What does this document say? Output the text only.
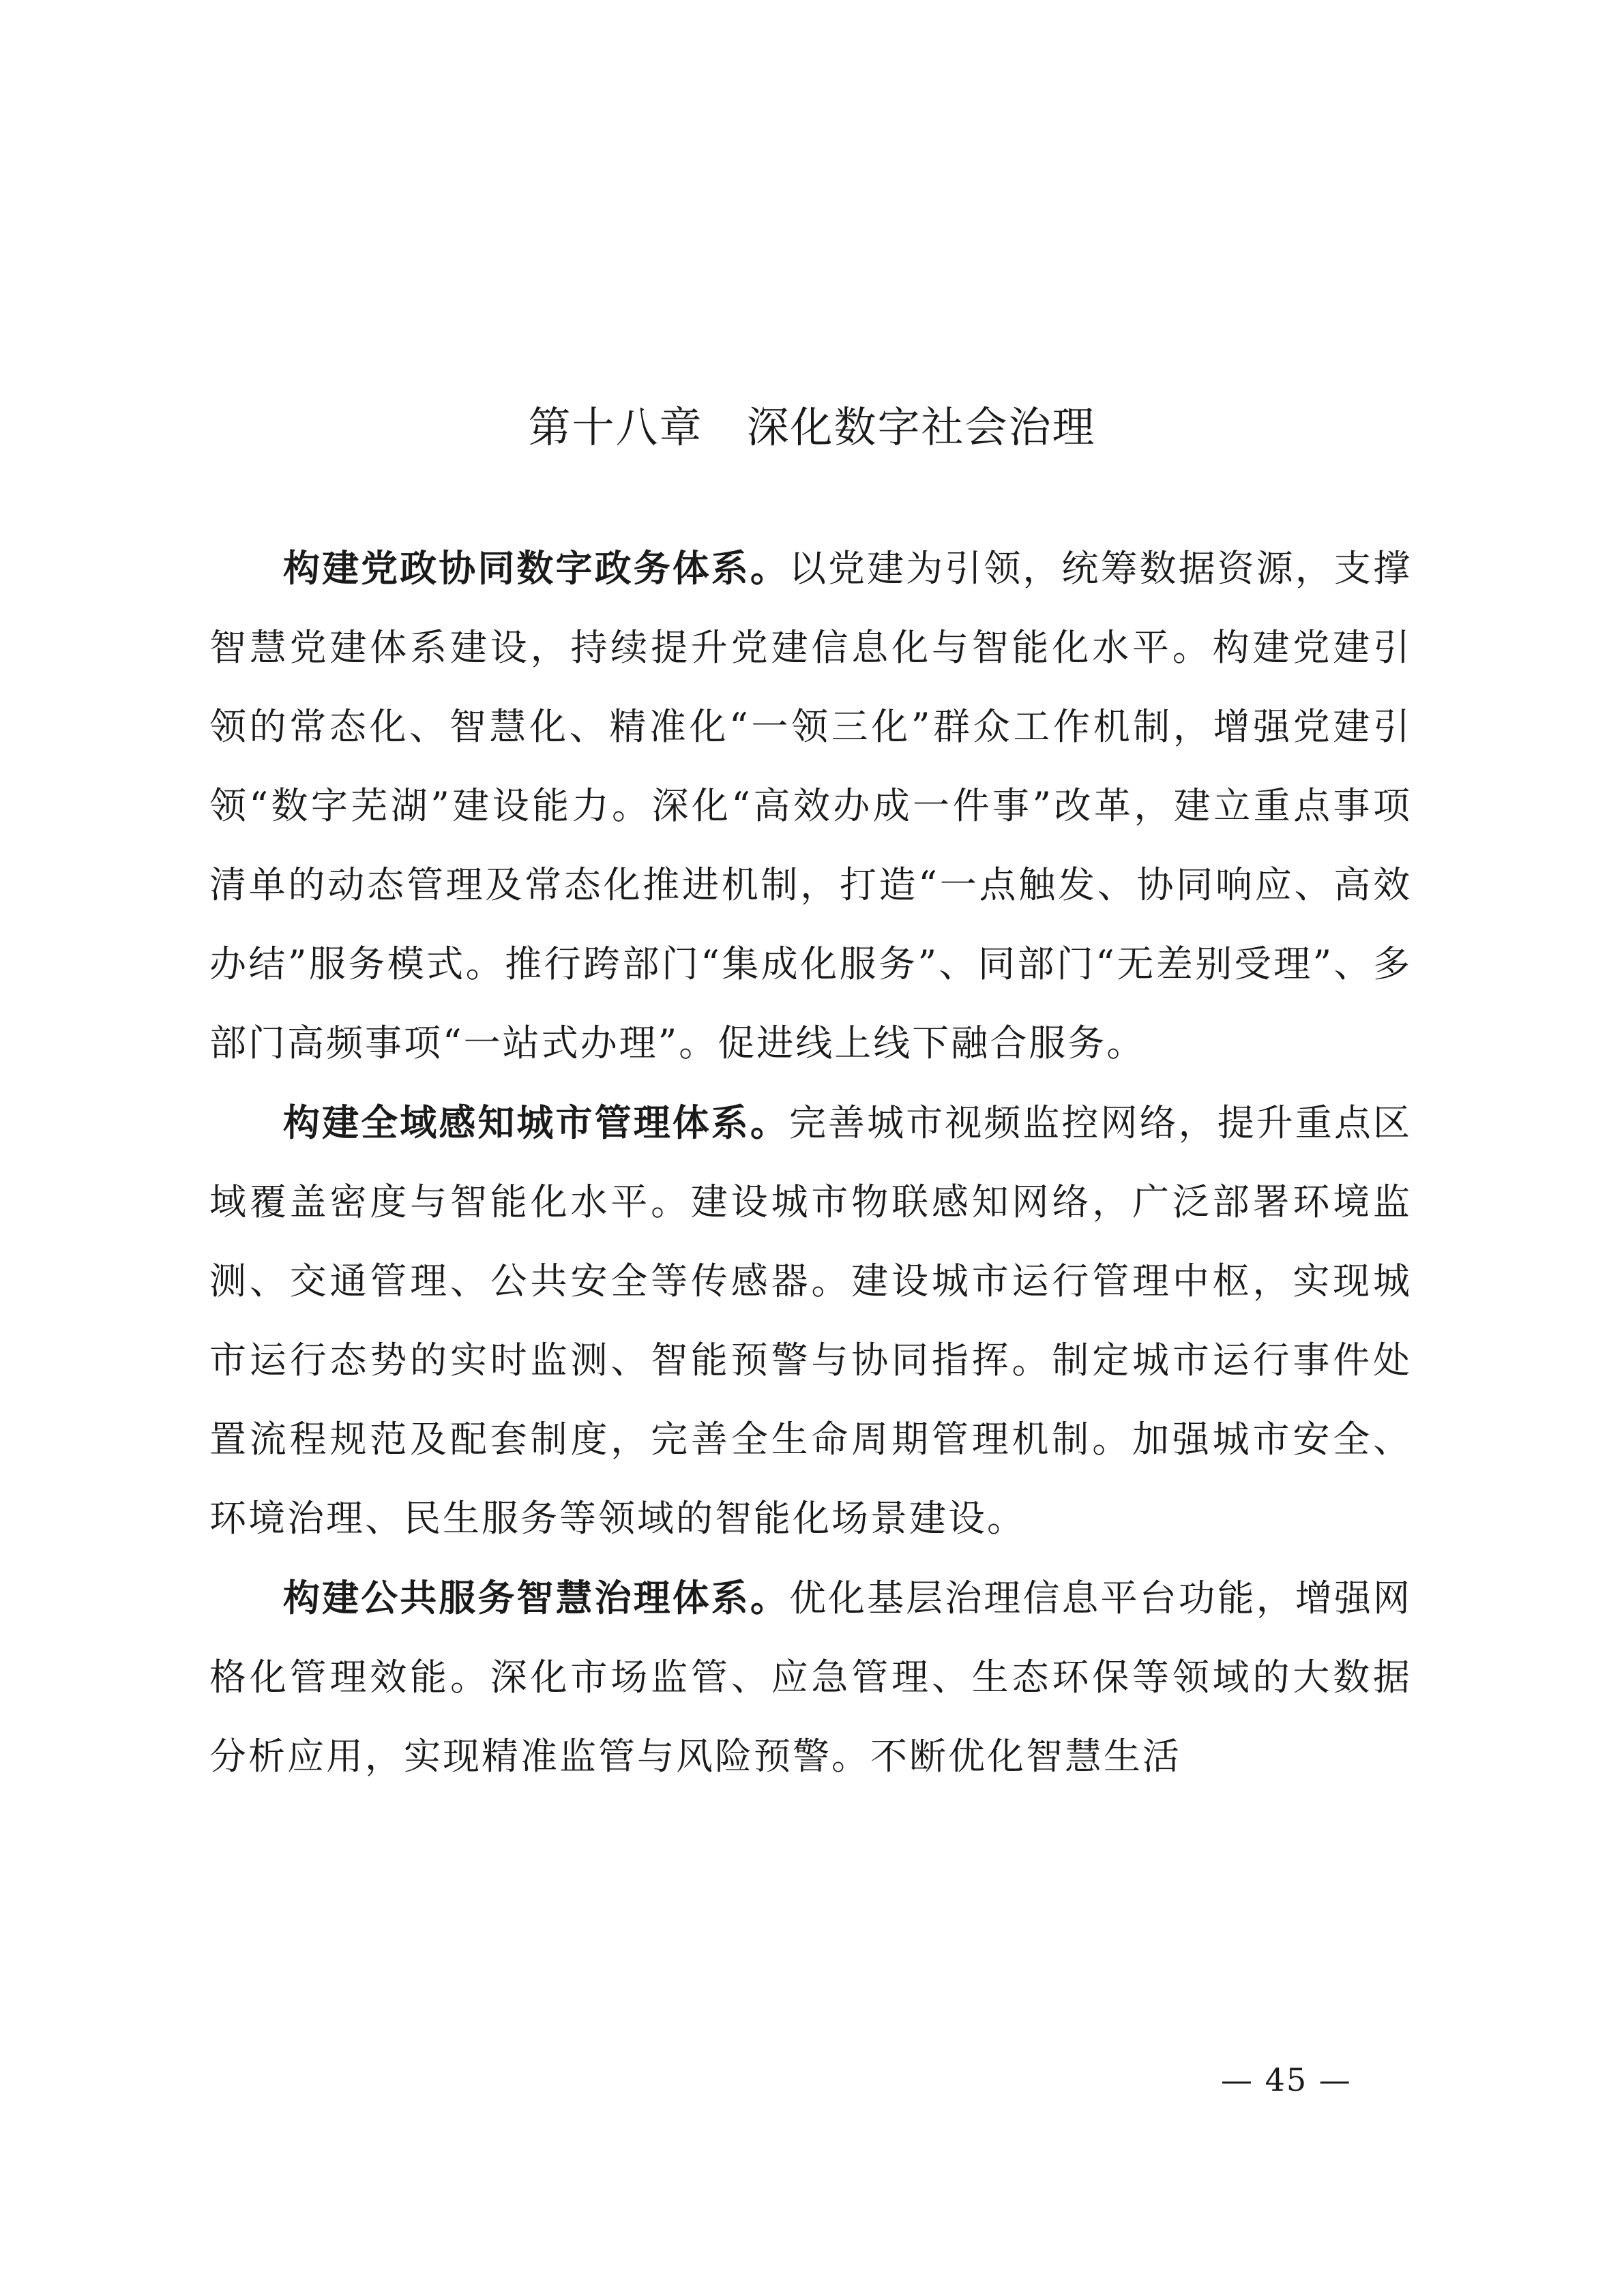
第十八章　深化数字社会治理

构建党政协同数字政务体系。以党建为引领，统筹数据资源，支撑智慧党建体系建设，持续提升党建信息化与智能化水平。构建党建引领的常态化、智慧化、精准化“一领三化”群众工作机制，增强党建引领“数字芜湖”建设能力。深化“高效办成一件事”改革，建立重点事项清单的动态管理及常态化推进机制，打造“一点触发、协同响应、高效办结”服务模式。推行跨部门“集成化服务”、同部门“无差别受理”、多部门高频事项“一站式办理”。促进线上线下融合服务。

构建全域感知城市管理体系。完善城市视频监控网络，提升重点区域覆盖密度与智能化水平。建设城市物联感知网络，广泛部署环境监测、交通管理、公共安全等传感器。建设城市运行管理中枢，实现城市运行态势的实时监测、智能预警与协同指挥。制定城市运行事件处置流程规范及配套制度，完善全生命周期管理机制。加强城市安全、环境治理、民生服务等领域的智能化场景建设。

构建公共服务智慧治理体系。优化基层治理信息平台功能，增强网格化管理效能。深化市场监管、应急管理、生态环保等领域的大数据分析应用，实现精准监管与风险预警。不断优化智慧生活

— 45 —
